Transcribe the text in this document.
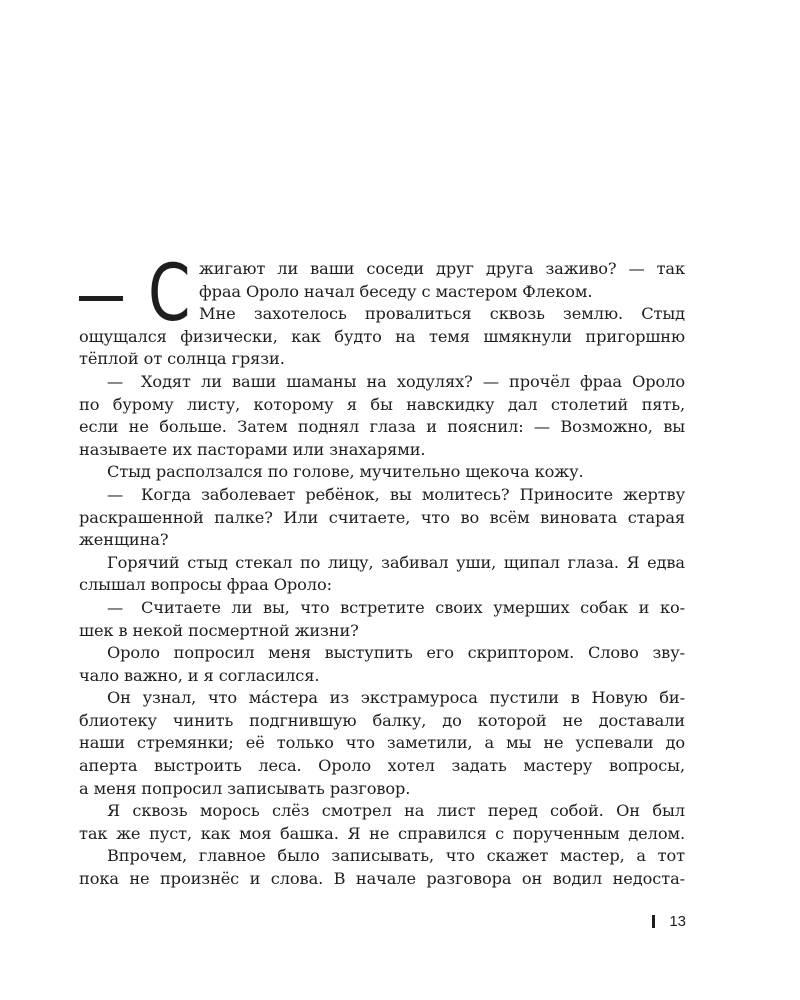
С жигают ли ваши соседи друг друга заживо? — так
фраа Ороло начал беседу с мастером Флеком.
Мне захотелось провалиться сквозь землю. Стыд
ощущался физически, как будто на темя шмякнули пригоршню
тёплой от солнца грязи.
— Ходят ли ваши шаманы на ходулях? — прочёл фраа Ороло
по бурому листу, которому я бы навскидку дал столетий пять,
если не больше. Затем поднял глаза и пояснил: — Возможно, вы
называете их пасторами или знахарями.
Стыд расползался по голове, мучительно щекоча кожу.
— Когда заболевает ребёнок, вы молитесь? Приносите жертву
раскрашенной палке? Или считаете, что во всём виновата старая
женщина?
Горячий стыд стекал по лицу, забивал уши, щипал глаза. Я едва
слышал вопросы фраа Ороло:
— Считаете ли вы, что встретите своих умерших собак и ко-
шек в некой посмертной жизни?
Ороло попросил меня выступить его скриптором. Слово зву-
чало важно, и я согласился.
Он узнал, что мáстера из экстрамуроса пустили в Новую би-
блиотеку чинить подгнившую балку, до которой не доставали
наши стремянки; её только что заметили, а мы не успевали до
аперта выстроить леса. Ороло хотел задать мастеру вопросы,
а меня попросил записывать разговор.
Я сквозь морось слёз смотрел на лист перед собой. Он был
так же пуст, как моя башка. Я не справился с порученным делом.
Впрочем, главное было записывать, что скажет мастер, а тот
пока не произнёс и слова. В начале разговора он водил недоста-
13
